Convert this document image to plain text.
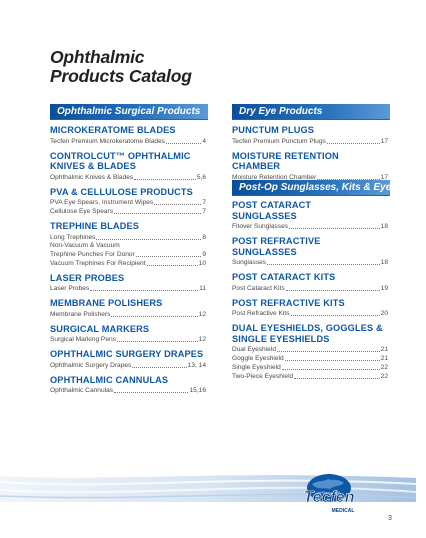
Ophthalmic
Products Catalog
Ophthalmic Surgical Products	Dry Eye Products
Post-Op Sunglasses, Kits & Eyeshields
MICROKERATOME BLADES
Tecfen Premium Microkeratome Blades	4
CONTROLCUT™ OPHTHALMIC
KNIVES & BLADES
Ophthalmic Knives & Blades	5,6
PVA & CELLULOSE PRODUCTS
PVA Eye Spears, Instrument Wipes	7
Cellulose Eye Spears	7
TREPHINE BLADES
Long Trephines	8
Non-Vacuum & Vacuum
Trephine Punches For Donor	9
Vacuum Trephines For Recipient	10
LASER PROBES
Laser Probes	11
MEMBRANE POLISHERS
Membrane Polishers	12
SURGICAL MARKERS
Surgical Marking Pens	12
OPHTHALMIC SURGERY DRAPES
Ophthalmic Surgery Drapes	13, 14
OPHTHALMIC CANNULAS
Ophthalmic Cannulas	15,16
PUNCTUM PLUGS
Tecfen Premium Punctum Plugs	17
MOISTURE RETENTION CHAMBER
Moisture Retention Chamber	17
POST CATARACT
SUNGLASSES
Fitover Sunglasses	18
POST REFRACTIVE
SUNGLASSES
Sunglasses	18
POST CATARACT KITS
Post Cataract Kits	19
POST REFRACTIVE KITS
Post Refractive Kits	20
DUAL EYESHIELDS, GOGGLES &
SINGLE EYESHIELDS
Dual Eyeshield	21
Goggle Eyeshield	21
Single Eyeshield	22
Two-Piece Eyeshield	22
Tecfen
MEDICAL
3
